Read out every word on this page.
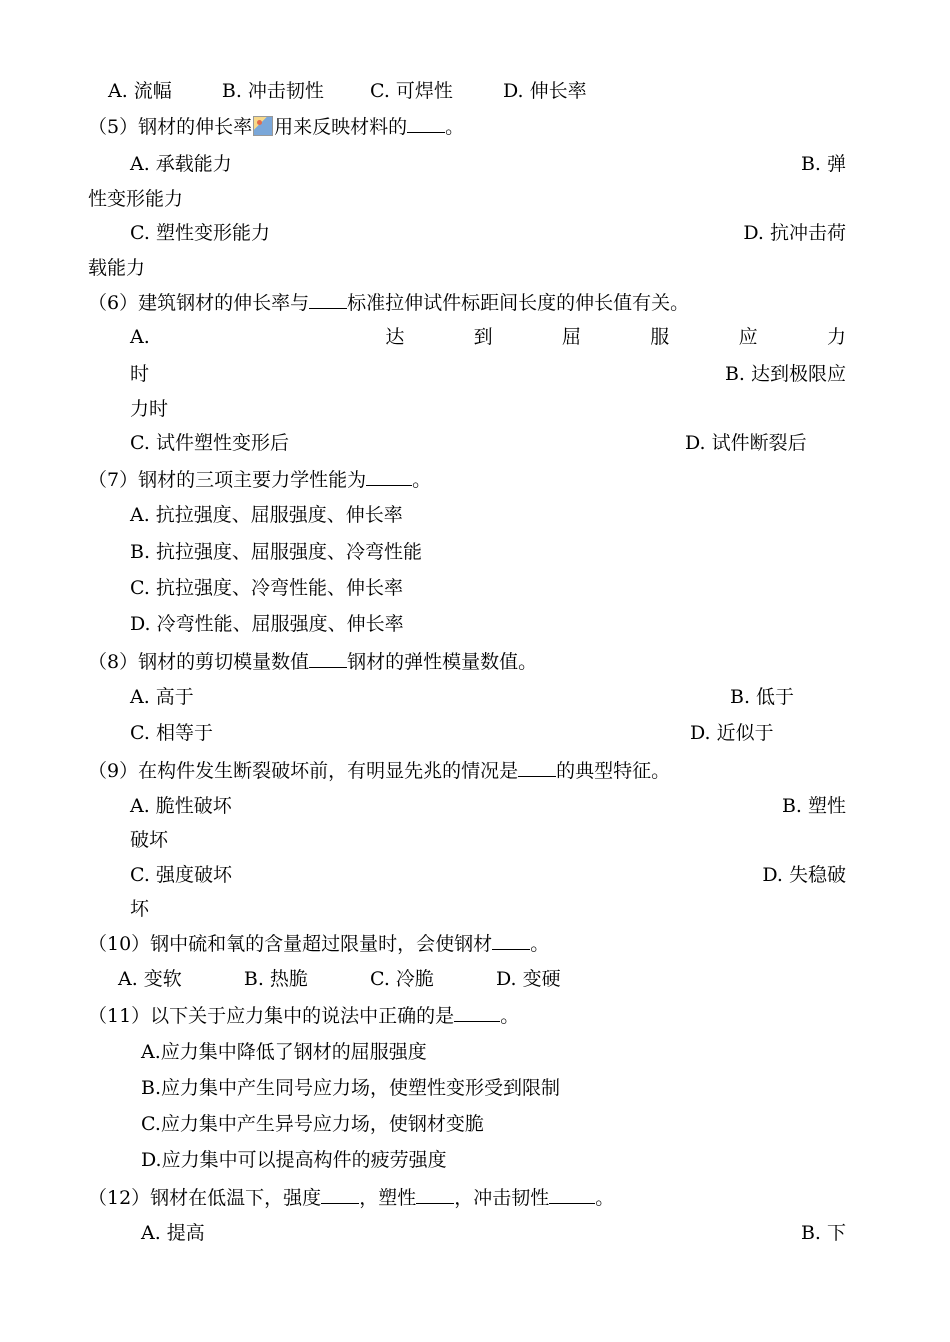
A. 流幅	B. 冲击韧性 C. 可焊性	D. 伸长率
（5）钢材的伸长率 用来反映材料的 。
A. 承载能力	B. 弹
性变形能力
C. 塑性变形能力	D. 抗冲击荷
载能力
（6）建筑钢材的伸长率与 标准拉伸试件标距间长度的伸长值有关。
A.	达	到	屈	服	应	力
时	B. 达到极限应
力时
C. 试件塑性变形后	D. 试件断裂后
（7）钢材的三项主要力学性能为 。
A. 抗拉强度、屈服强度、伸长率
B. 抗拉强度、屈服强度、冷弯性能
C. 抗拉强度、冷弯性能、伸长率
D. 冷弯性能、屈服强度、伸长率
（8）钢材的剪切模量数值 钢材的弹性模量数值。
A. 高于	B. 低于
C. 相等于	D. 近似于
（9）在构件发生断裂破坏前，有明显先兆的情况是 的典型特征。
A. 脆性破坏	B. 塑性
破坏
C. 强度破坏	D. 失稳破
坏
（10）钢中硫和氧的含量超过限量时，会使钢材 。
A. 变软	B. 热脆	C. 冷脆	D. 变硬
（11）以下关于应力集中的说法中正确的是 。
A.应力集中降低了钢材的屈服强度
B.应力集中产生同号应力场，使塑性变形受到限制
C.应力集中产生异号应力场，使钢材变脆
D.应力集中可以提高构件的疲劳强度
（12）钢材在低温下，强度 ，塑性 ，冲击韧性 。
A. 提高	B. 下
